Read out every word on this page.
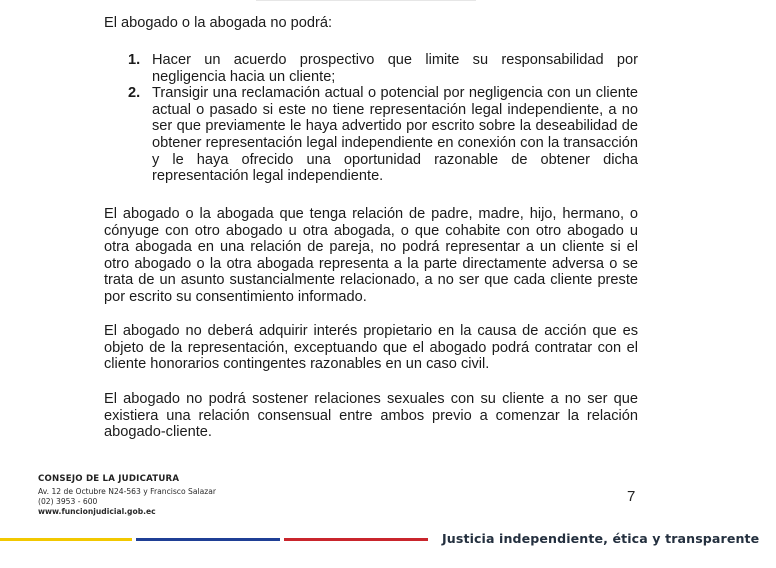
El abogado o la abogada no podrá:

1. Hacer un acuerdo prospectivo que limite su responsabilidad por negligencia hacia un cliente;
2. Transigir una reclamación actual o potencial por negligencia con un cliente actual o pasado si este no tiene representación legal independiente, a no ser que previamente le haya advertido por escrito sobre la deseabilidad de obtener representación legal independiente en conexión con la transacción y le haya ofrecido una oportunidad razonable de obtener dicha representación legal independiente.

El abogado o la abogada que tenga relación de padre, madre, hijo, hermano, o cónyuge con otro abogado u otra abogada, o que cohabite con otro abogado u otra abogada en una relación de pareja, no podrá representar a un cliente si el otro abogado o la otra abogada representa a la parte directamente adversa o se trata de un asunto sustancialmente relacionado, a no ser que cada cliente preste por escrito su consentimiento informado.

El abogado no deberá adquirir interés propietario en la causa de acción que es objeto de la representación, exceptuando que el abogado podrá contratar con el cliente honorarios contingentes razonables en un caso civil.

El abogado no podrá sostener relaciones sexuales con su cliente a no ser que existiera una relación consensual entre ambos previo a comenzar la relación abogado-cliente.

CONSEJO DE LA JUDICATURA
Av. 12 de Octubre N24-563 y Francisco Salazar
(02) 3953 - 600
www.funcionjudicial.gob.ec
7
Justicia independiente, ética y transparente
